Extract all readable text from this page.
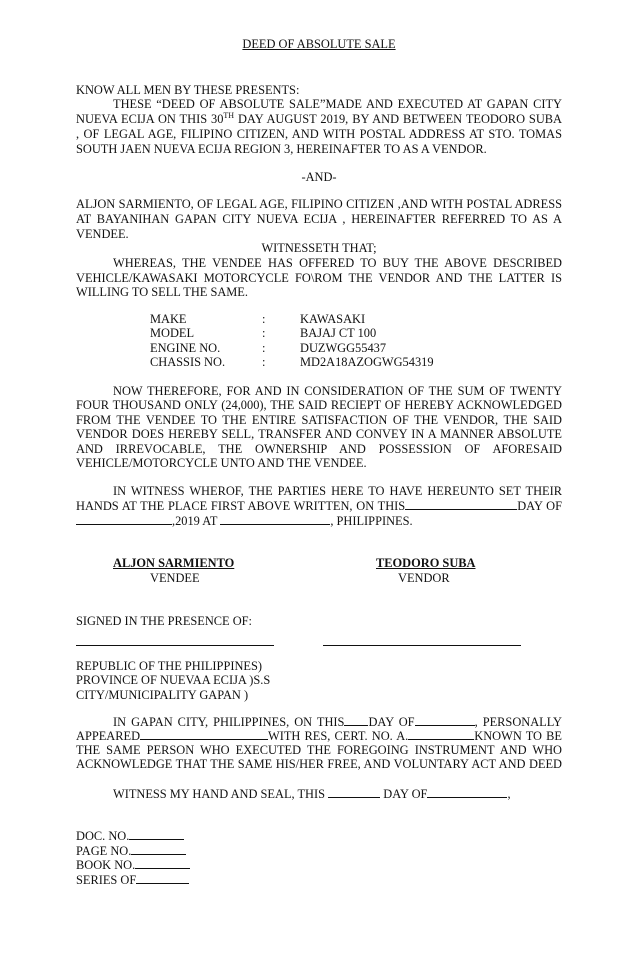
DEED OF ABSOLUTE SALE
KNOW ALL MEN BY THESE PRESENTS:
THESE “DEED OF ABSOLUTE SALE”MADE AND EXECUTED AT GAPAN CITY
NUEVA ECIJA ON THIS 30TH DAY AUGUST 2019, BY AND BETWEEN TEODORO SUBA
, OF LEGAL AGE, FILIPINO CITIZEN, AND WITH POSTAL ADDRESS AT STO. TOMAS
SOUTH JAEN NUEVA ECIJA REGION 3, HEREINAFTER TO AS A VENDOR.
-AND-
ALJON SARMIENTO, OF LEGAL AGE, FILIPINO CITIZEN ,AND WITH POSTAL ADRESS
AT BAYANIHAN GAPAN CITY NUEVA ECIJA , HEREINAFTER REFERRED TO AS A
VENDEE.
WITNESSETH THAT;
WHEREAS, THE VENDEE HAS OFFERED TO BUY THE ABOVE DESCRIBED
VEHICLE/KAWASAKI MOTORCYCLE FO\ROM THE VENDOR AND THE LATTER IS
WILLING TO SELL THE SAME.
MAKE	:	KAWASAKI
MODEL	:	BAJAJ CT 100
ENGINE NO.	:	DUZWGG55437
CHASSIS NO.	:	MD2A18AZOGWG54319
NOW THEREFORE, FOR AND IN CONSIDERATION OF THE SUM OF TWENTY
FOUR THOUSAND ONLY (24,000), THE SAID RECIEPT OF HEREBY ACKNOWLEDGED
FROM THE VENDEE TO THE ENTIRE SATISFACTION OF THE VENDOR, THE SAID
VENDOR DOES HEREBY SELL, TRANSFER AND CONVEY IN A MANNER ABSOLUTE
AND IRREVOCABLE, THE OWNERSHIP AND POSSESSION OF AFORESAID
VEHICLE/MOTORCYCLE UNTO AND THE VENDEE.
IN WITNESS WHEROF, THE PARTIES HERE TO HAVE HEREUNTO SET THEIR
HANDS AT THE PLACE FIRST ABOVE WRITTEN, ON THIS	DAY OF
,2019 AT	, PHILIPPINES.
ALJON SARMIENTO
VENDEE
TEODORO SUBA
VENDOR
SIGNED IN THE PRESENCE OF:
REPUBLIC OF THE PHILIPPINES)
PROVINCE OF NUEVAA ECIJA )S.S
CITY/MUNICIPALITY GAPAN )
IN GAPAN CITY, PHILIPPINES, ON THIS DAY OF	, PERSONALLY
APPEARED	WITH RES, CERT. NO. A.	KNOWN TO BE
THE SAME PERSON WHO EXECUTED THE FOREGOING INSTRUMENT AND WHO
ACKNOWLEDGE THAT THE SAME HIS/HER FREE, AND VOLUNTARY ACT AND DEED
WITNESS MY HAND AND SEAL, THIS	DAY OF	,
DOC. NO.
PAGE NO.
BOOK NO.
SERIES OF
